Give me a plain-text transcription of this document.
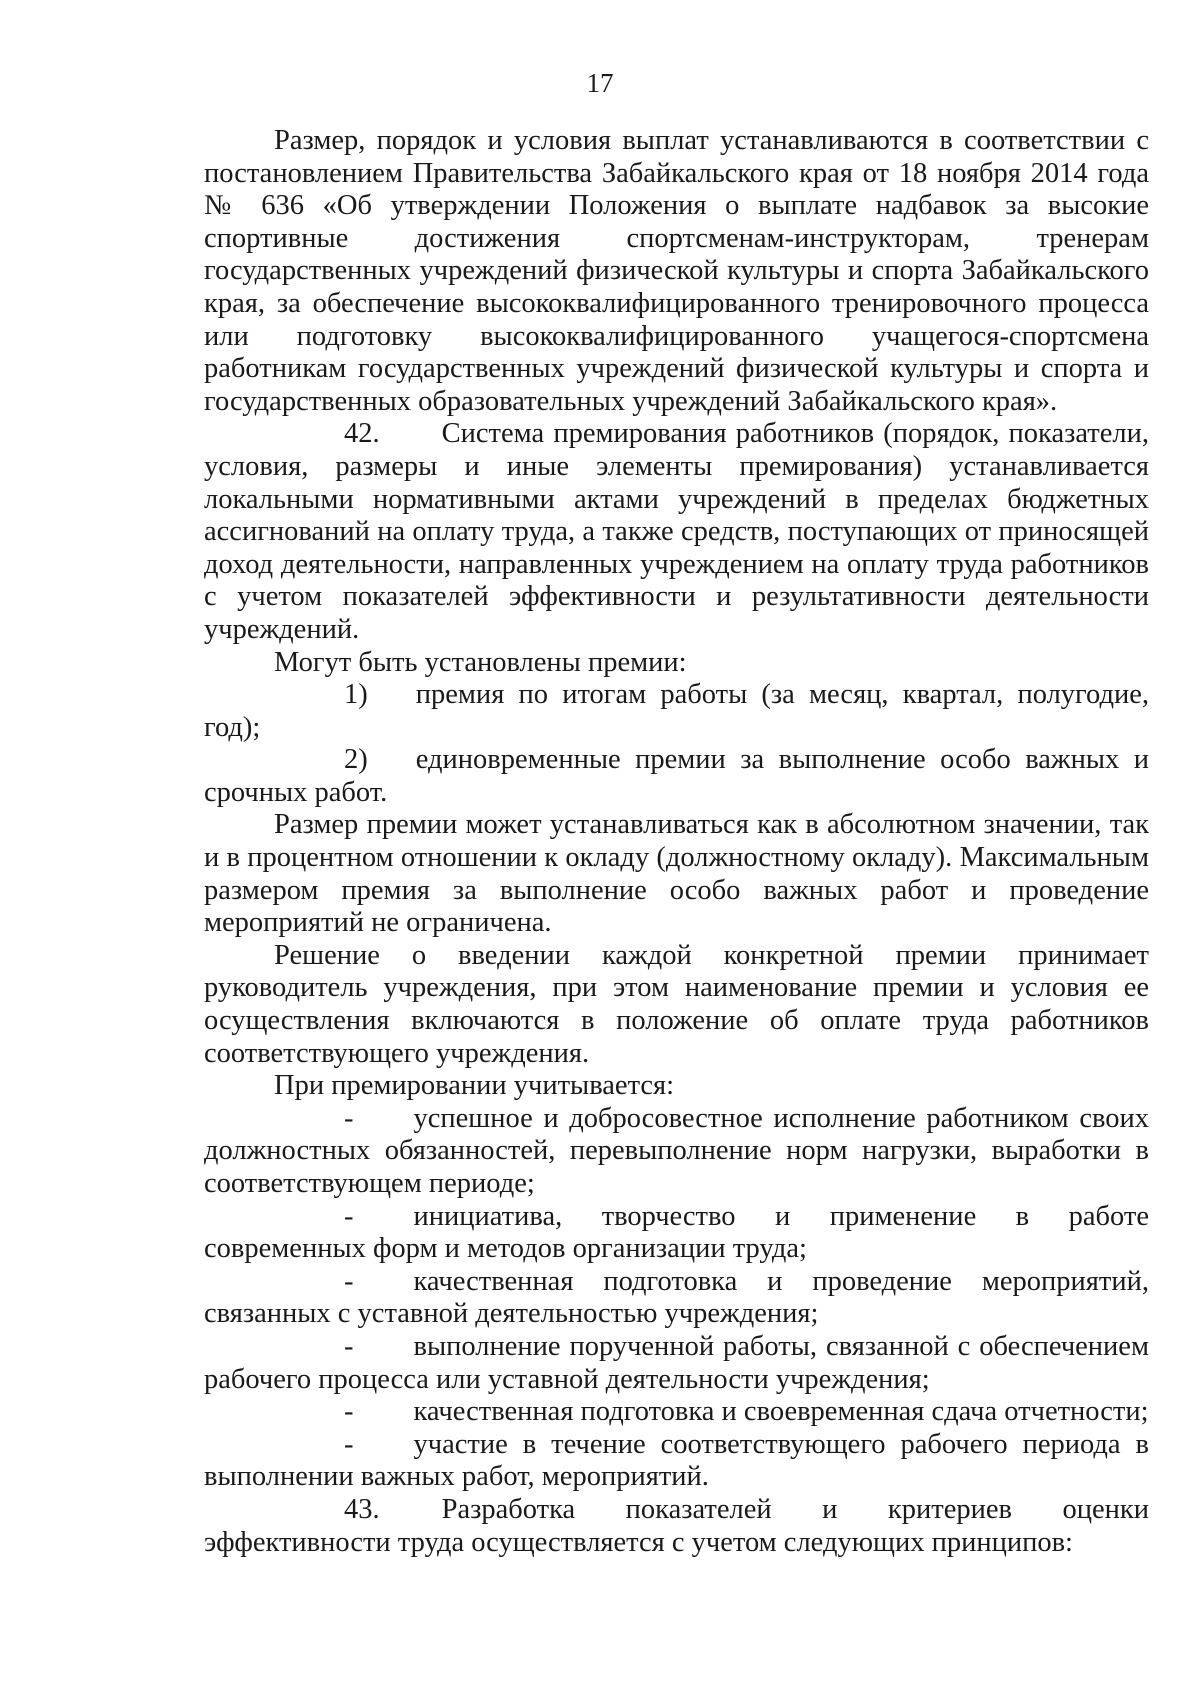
17

Размер, порядок и условия выплат устанавливаются в соответствии с постановлением Правительства Забайкальского края от 18 ноября 2014 года № 636 «Об утверждении Положения о выплате надбавок за высокие спортивные достижения спортсменам-инструкторам, тренерам государственных учреждений физической культуры и спорта Забайкальского края, за обеспечение высококвалифицированного тренировочного процесса или подготовку высококвалифицированного учащегося-спортсмена работникам государственных учреждений физической культуры и спорта и государственных образовательных учреждений Забайкальского края».

42. Система премирования работников (порядок, показатели, условия, размеры и иные элементы премирования) устанавливается локальными нормативными актами учреждений в пределах бюджетных ассигнований на оплату труда, а также средств, поступающих от приносящей доход деятельности, направленных учреждением на оплату труда работников с учетом показателей эффективности и результативности деятельности учреждений.

Могут быть установлены премии:

1) премия по итогам работы (за месяц, квартал, полугодие, год);

2) единовременные премии за выполнение особо важных и срочных работ.

Размер премии может устанавливаться как в абсолютном значении, так и в процентном отношении к окладу (должностному окладу). Максимальным размером премия за выполнение особо важных работ и проведение мероприятий не ограничена.

Решение о введении каждой конкретной премии принимает руководитель учреждения, при этом наименование премии и условия ее осуществления включаются в положение об оплате труда работников соответствующего учреждения.

При премировании учитывается:

- успешное и добросовестное исполнение работником своих должностных обязанностей, перевыполнение норм нагрузки, выработки в соответствующем периоде;

- инициатива, творчество и применение в работе современных форм и методов организации труда;

- качественная подготовка и проведение мероприятий, связанных с уставной деятельностью учреждения;

- выполнение порученной работы, связанной с обеспечением рабочего процесса или уставной деятельности учреждения;

- качественная подготовка и своевременная сдача отчетности;

- участие в течение соответствующего рабочего периода в выполнении важных работ, мероприятий.

43. Разработка показателей и критериев оценки эффективности труда осуществляется с учетом следующих принципов:
